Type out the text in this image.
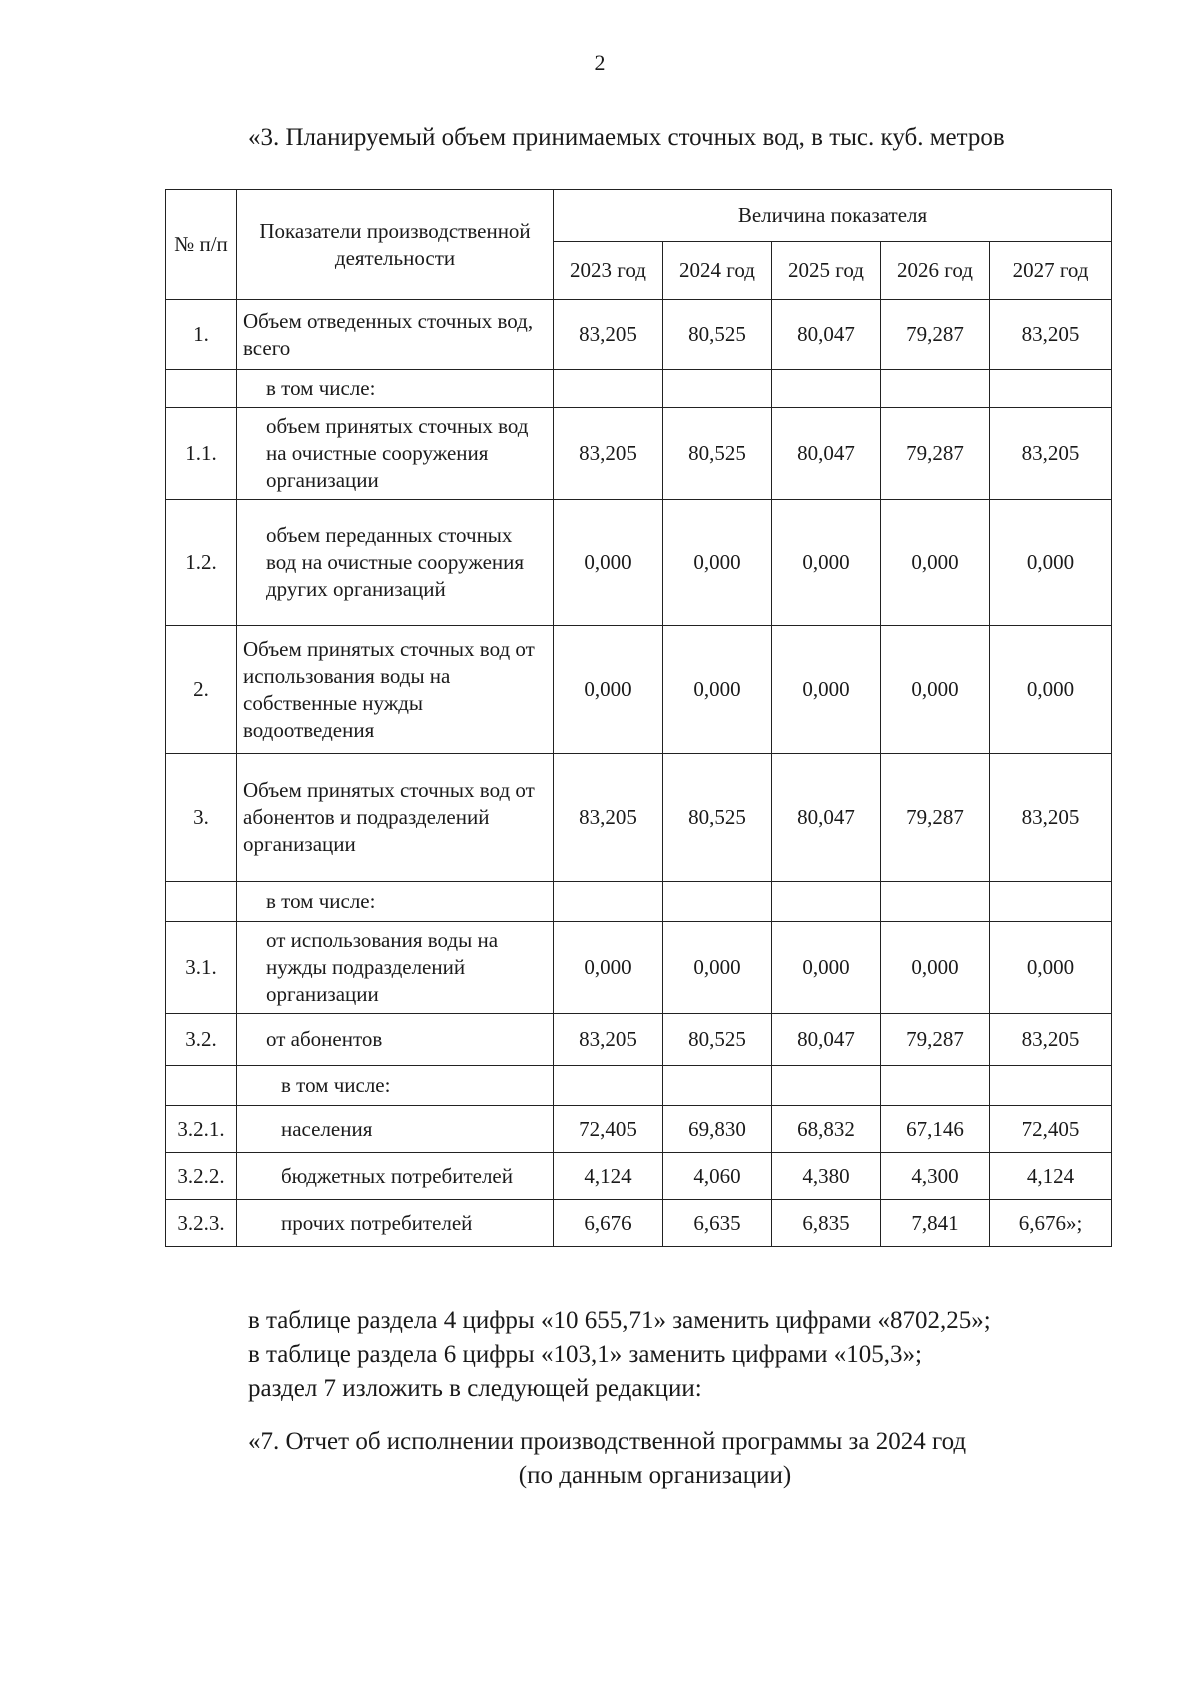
2
«3. Планируемый объем принимаемых сточных вод, в тыс. куб. метров
№ п/п	Показатели производственной деятельности	Величина показателя				
		2023 год	2024 год	2025 год	2026 год	2027 год
1.	Объем отведенных сточных вод, всего	83,205	80,525	80,047	79,287	83,205
	в том числе:					
1.1.	объем принятых сточных вод на очистные сооружения организации	83,205	80,525	80,047	79,287	83,205
1.2.	объем переданных сточных вод на очистные сооружения других организаций	0,000	0,000	0,000	0,000	0,000
2.	Объем принятых сточных вод от использования воды на собственные нужды водоотведения	0,000	0,000	0,000	0,000	0,000
3.	Объем принятых сточных вод от абонентов и подразделений организации	83,205	80,525	80,047	79,287	83,205
	в том числе:					
3.1.	от использования воды на нужды подразделений организации	0,000	0,000	0,000	0,000	0,000
3.2.	от абонентов	83,205	80,525	80,047	79,287	83,205
	в том числе:					
3.2.1.	населения	72,405	69,830	68,832	67,146	72,405
3.2.2.	бюджетных потребителей	4,124	4,060	4,380	4,300	4,124
3.2.3.	прочих потребителей	6,676	6,635	6,835	7,841	6,676»;
в таблице раздела 4 цифры «10 655,71» заменить цифрами «8702,25»;
в таблице раздела 6 цифры «103,1» заменить цифрами «105,3»;
раздел 7 изложить в следующей редакции:
«7. Отчет об исполнении производственной программы за 2024 год
(по данным организации)
